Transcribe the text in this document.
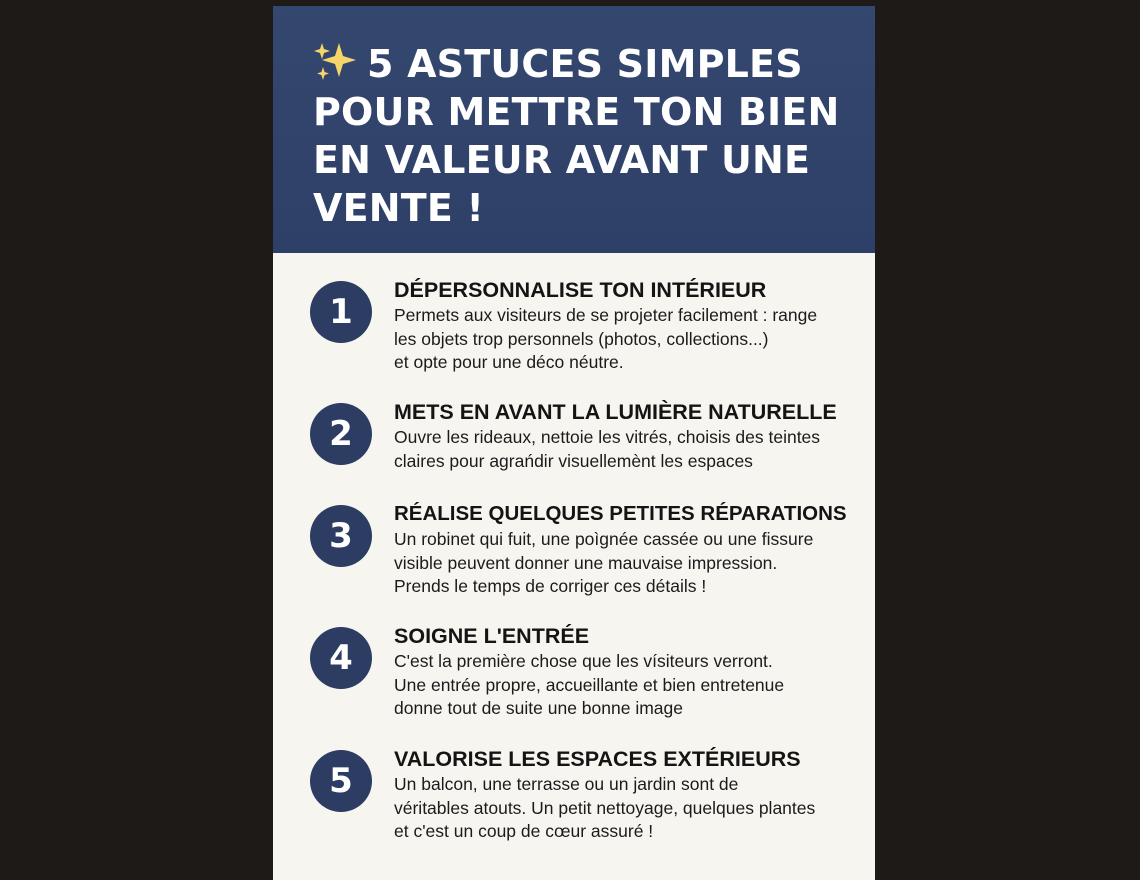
5 ASTUCES SIMPLES POUR METTRE TON BIEN EN VALEUR AVANT UNE VENTE !
1
DÉPERSONNALISE TON INTÉRIEUR

Permets aux visiteurs de se projeter facilement : range
les objets trop personnels (photos, collections...)
et opte pour une déco néutre.

2
METS EN AVANT LA LUMIÈRE NATURELLE

Ouvre les rideaux, nettoie les vitrés, choisis des teintes
claires pour agrańdir visuellemènt les espaces

3
RÉALISE QUELQUES PETITES RÉPARATIONS

Un robinet qui fuit, une poìgnée cassée ou une fissure
visible peuvent donner une mauvaise impression.
Prends le temps de corriger ces détails !

4
SOIGNE L'ENTRÉE

C'est la première chose que les vísiteurs verront.
Une entrée propre, accueillante et bien entretenue
donne tout de suite une bonne image

5
VALORISE LES ESPACES EXTÉRIEURS

Un balcon, une terrasse ou un jardin sont de
véritables atouts. Un petit nettoyage, quelques plantes
et c'est un coup de cœur assuré !
